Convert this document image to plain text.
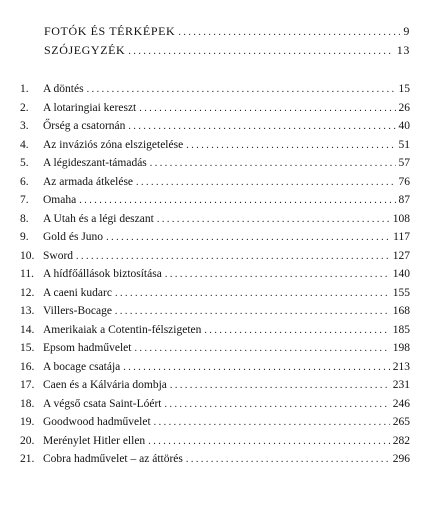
FOTÓK ÉS TÉRKÉPEK . . .	9
SZÓJEGYZÉK . . .	13
1.	A döntés . . .	15
2.	A lotaringiai kereszt . . .	26
3.	Őrség a csatornán . . .	40
4.	Az inváziós zóna elszigetelése . . .	51
5.	A légideszant-támadás . . .	57
6.	Az armada átkelése . . .	76
7.	Omaha . . .	87
8.	A Utah és a légi deszant . . .	108
9.	Gold és Juno . . .	117
10. Sword . . .	127
11. A hídfőállások biztosítása . . .	140
12. A caeni kudarc . . .	155
13. Villers-Bocage . . .	168
14. Amerikaiak a Cotentin-félszigeten . . .	185
15. Epsom hadművelet . . .	198
16. A bocage csatája . . .	213
17. Caen és a Kálvária dombja . . .	231
18. A végső csata Saint-Lóért . . .	246
19. Goodwood hadművelet . . .	265
20. Merénylet Hitler ellen . . .	282
21. Cobra hadművelet – az áttörés . . .	296
